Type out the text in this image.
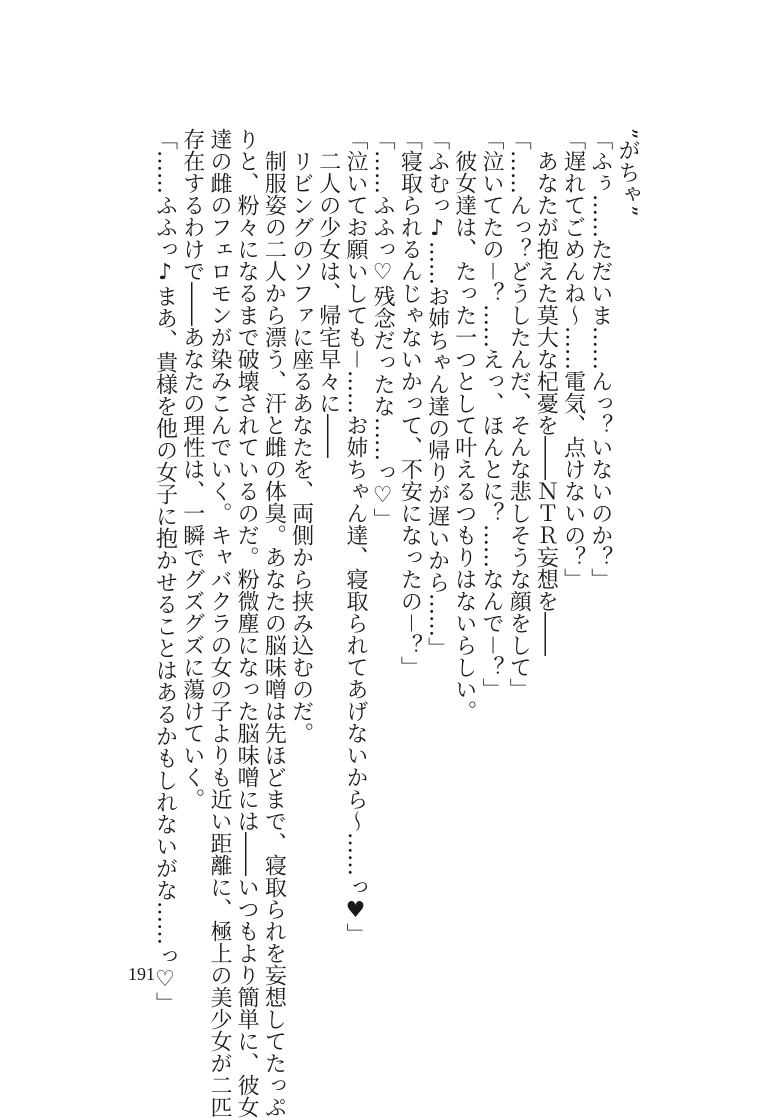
”がちゃ”
「ふぅ……ただいま……んっ？いないのか？」
「遅れてごめんね～……電気、点けないの？」
あなたが抱えた莫大な杞憂を――ＮＴＲ妄想を――
「……んっ？どうしたんだ、そんな悲しそうな顔をして」
「泣いてたの－？……えっ、ほんとに？……なんで－？」
彼女達は、たった一つとして叶えるつもりはないらしい。
「ふむっ♪……お姉ちゃん達の帰りが遅いから……」
「寝取られるんじゃないかって、不安になったの－？」
「……ふふっ♡残念だったな……っ♡」
「泣いてお願いしても－……お姉ちゃん達、寝取られてあげないから～……っ♥」
二人の少女は、帰宅早々に――
リビングのソファに座るあなたを、両側から挟み込むのだ。
制服姿の二人から漂う、汗と雌の体臭。あなたの脳味噌は先ほどまで、寝取られを妄想してたっぷ
りと、粉々になるまで破壊されているのだ。粉微塵になった脳味噌には――いつもより簡単に、彼女
達の雌のフェロモンが染みこんでいく。キャバクラの女の子よりも近い距離に、極上の美少女が二匹
存在するわけで――あなたの理性は、一瞬でグズグズに蕩けていく。
「……ふふっ♪まあ、貴様を他の女子に抱かせることはあるかもしれないがな……っ♡」
191
